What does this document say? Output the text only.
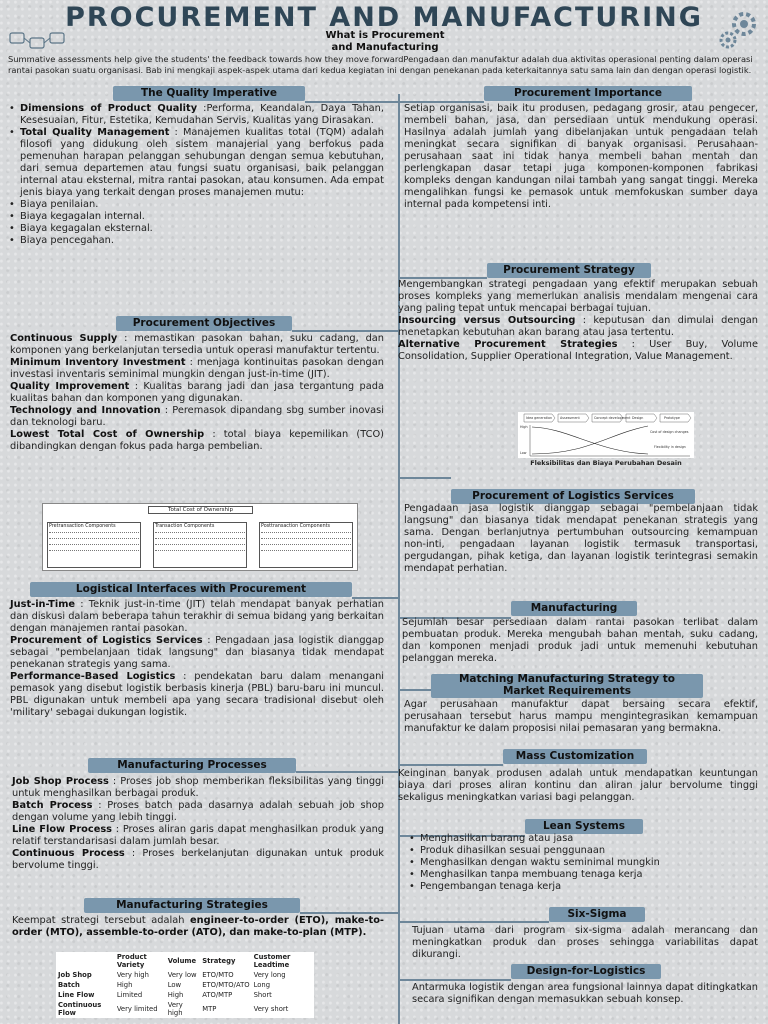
PROCUREMENT AND MANUFACTURING
What is Procurement
and Manufacturing
Summative assessments help give the students' the feedback towards how they move forwardPengadaan dan manufaktur adalah dua aktivitas operasional penting dalam operasi rantai pasokan suatu organisasi. Bab ini mengkaji aspek-aspek utama dari kedua kegiatan ini dengan penekanan pada keterkaitannya satu sama lain dan dengan operasi logistik.
The Quality Imperative
• Dimensions of Product Quality :Performa, Keandalan, Daya Tahan, Kesesuaian, Fitur, Estetika, Kemudahan Servis, Kualitas yang Dirasakan.
• Total Quality Management : Manajemen kualitas total (TQM) adalah filosofi yang didukung oleh sistem manajerial yang berfokus pada pemenuhan harapan pelanggan sehubungan dengan semua kebutuhan, dari semua departemen atau fungsi suatu organisasi, baik pelanggan internal atau eksternal, mitra rantai pasokan, atau konsumen. Ada empat jenis biaya yang terkait dengan proses manajemen mutu:
• Biaya penilaian.
• Biaya kegagalan internal.
• Biaya kegagalan eksternal.
• Biaya pencegahan.
Procurement Objectives

Continuous Supply : memastikan pasokan bahan, suku cadang, dan komponen yang berkelanjutan tersedia untuk operasi manufaktur tertentu.

Minimum Inventory Investment : menjaga kontinuitas pasokan dengan investasi inventaris seminimal mungkin dengan just-in-time (JIT).

Quality Improvement : Kualitas barang jadi dan jasa tergantung pada kualitas bahan dan komponen yang digunakan.

Technology and Innovation : Peremasok dipandang sbg sumber inovasi dan teknologi baru.

Lowest Total Cost of Ownership : total biaya kepemilikan (TCO) dibandingkan dengan fokus pada harga pembelian.

Total Cost of Ownership
Pretransaction Components	Transaction Components	Posttransaction Components
Logistical Interfaces with Procurement

Just-in-Time : Teknik just-in-time (JIT) telah mendapat banyak perhatian dan diskusi dalam beberapa tahun terakhir di semua bidang yang berkaitan dengan manajemen rantai pasokan.

Procurement of Logistics Services : Pengadaan jasa logistik dianggap sebagai "pembelanjaan tidak langsung" dan biasanya tidak mendapat penekanan strategis yang sama.

Performance-Based Logistics : pendekatan baru dalam menangani pemasok yang disebut logistik berbasis kinerja (PBL) baru-baru ini muncul. PBL digunakan untuk membeli apa yang secara tradisional disebut oleh 'military' sebagai dukungan logistik.

Manufacturing Processes

Job Shop Process : Proses job shop memberikan fleksibilitas yang tinggi untuk menghasilkan berbagai produk.

Batch Process : Proses batch pada dasarnya adalah sebuah job shop dengan volume yang lebih tinggi.

Line Flow Process : Proses aliran garis dapat menghasilkan produk yang relatif terstandarisasi dalam jumlah besar.

Continuous Process : Proses berkelanjutan digunakan untuk produk bervolume tinggi.

Manufacturing Strategies

Keempat strategi tersebut adalah engineer-to-order (ETO), make-to-order (MTO), assemble-to-order (ATO), dan make-to-plan (MTP).

	Product Variety	Volume	Strategy	Customer Leadtime
Job Shop	Very high	Very low	ETO/MTO	Very long
Batch	High	Low	ETO/MTO/ATO	Long
Line Flow	Limited	High	ATO/MTP	Short
Continuous Flow	Very limited	Very high	MTP	Very short
Procurement Importance
Setiap organisasi, baik itu produsen, pedagang grosir, atau pengecer, membeli bahan, jasa, dan persediaan untuk mendukung operasi. Hasilnya adalah jumlah yang dibelanjakan untuk pengadaan telah meningkat secara signifikan di banyak organisasi. Perusahaan-perusahaan saat ini tidak hanya membeli bahan mentah dan perlengkapan dasar tetapi juga komponen-komponen fabrikasi kompleks dengan kandungan nilai tambah yang sangat tinggi. Mereka mengalihkan fungsi ke pemasok untuk memfokuskan sumber daya internal pada kompetensi inti.
Procurement Strategy

Mengembangkan strategi pengadaan yang efektif merupakan sebuah proses kompleks yang memerlukan analisis mendalam mengenai cara yang paling tepat untuk mencapai berbagai tujuan.

Insourcing versus Outsourcing : keputusan dan dimulai dengan menetapkan kebutuhan akan barang atau jasa tertentu.

Alternative Procurement Strategies : User Buy, Volume Consolidation, Supplier Operational Integration, Value Management.

Idea generation Assessment	Concept development Design	Prototype
High
Low
Cost of design changes
Flexibility in design
Fleksibilitas dan Biaya Perubahan Desain
Procurement of Logistics Services
Pengadaan jasa logistik dianggap sebagai "pembelanjaan tidak langsung" dan biasanya tidak mendapat penekanan strategis yang sama. Dengan berlanjutnya pertumbuhan outsourcing kemampuan non-inti, pengadaan layanan logistik termasuk transportasi, pergudangan, pihak ketiga, dan layanan logistik terintegrasi semakin mendapat perhatian.
Manufacturing
Sejumlah besar persediaan dalam rantai pasokan terlibat dalam pembuatan produk. Mereka mengubah bahan mentah, suku cadang, dan komponen menjadi produk jadi untuk memenuhi kebutuhan pelanggan mereka.
Matching Manufacturing Strategy to
Market Requirements
Agar perusahaan manufaktur dapat bersaing secara efektif, perusahaan tersebut harus mampu mengintegrasikan kemampuan manufaktur ke dalam proposisi nilai pemasaran yang bermakna.
Mass Customization
Keinginan banyak produsen adalah untuk mendapatkan keuntungan biaya dari proses aliran kontinu dan aliran jalur bervolume tinggi sekaligus meningkatkan variasi bagi pelanggan.
Lean Systems
• Menghasilkan barang atau jasa
• Produk dihasilkan sesuai penggunaan
• Menghasilkan dengan waktu seminimal mungkin
• Menghasilkan tanpa membuang tenaga kerja
• Pengembangan tenaga kerja
Six-Sigma
Tujuan utama dari program six-sigma adalah merancang dan meningkatkan produk dan proses sehingga variabilitas dapat dikurangi.
Design-for-Logistics
Antarmuka logistik dengan area fungsional lainnya dapat ditingkatkan secara signifikan dengan memasukkan sebuah konsep.
